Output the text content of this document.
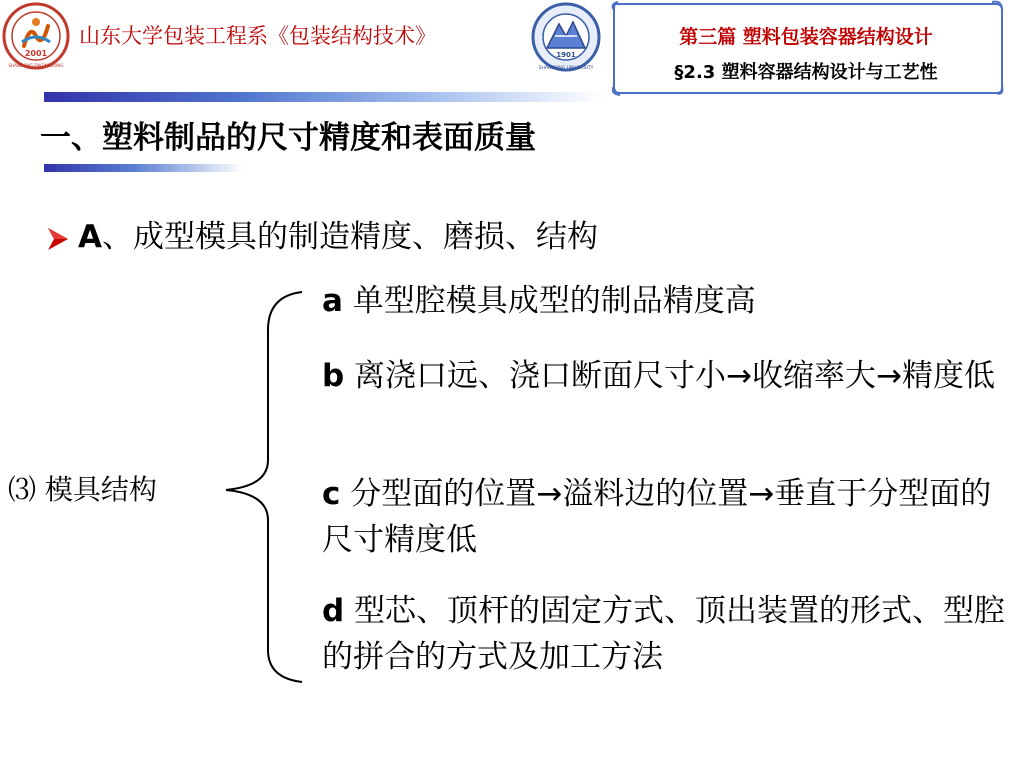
2001
SHANDONG ENGINEERING
山东大学包装工程系《包装结构技术》
1901
SHANDONG UNIVERSITY
第三篇 塑料包装容器结构设计
§2.3 塑料容器结构设计与工艺性
一、塑料制品的尺寸精度和表面质量
A、成型模具的制造精度、磨损、结构
⑶ 模具结构
a 单型腔模具成型的制品精度高
b 离浇口远、浇口断面尺寸小→收缩率大→精度低
c 分型面的位置→溢料边的位置→垂直于分型面的尺寸精度低
d 型芯、顶杆的固定方式、顶出装置的形式、型腔的拼合的方式及加工方法
